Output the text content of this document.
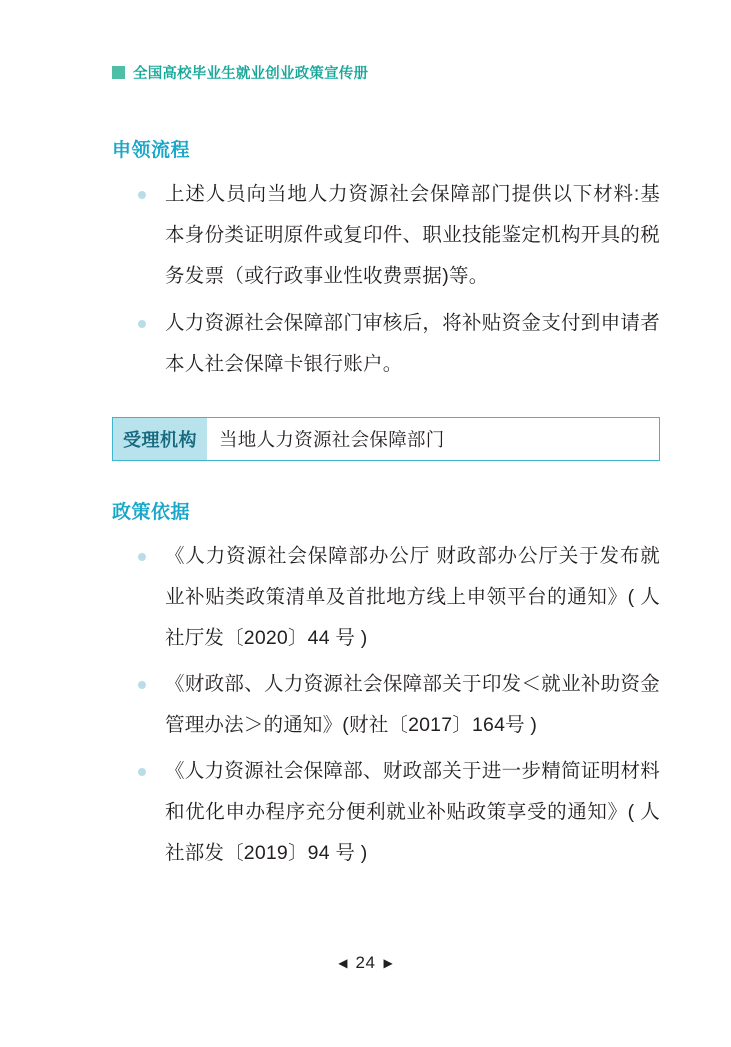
全国高校毕业生就业创业政策宣传册
申领流程
上述人员向当地人力资源社会保障部门提供以下材料:基本身份类证明原件或复印件、职业技能鉴定机构开具的税务发票（或行政事业性收费票据)等。
人力资源社会保障部门审核后，将补贴资金支付到申请者本人社会保障卡银行账户。
受理机构	当地人力资源社会保障部门
政策依据
《人力资源社会保障部办公厅 财政部办公厅关于发布就业补贴类政策清单及首批地方线上申领平台的通知》( 人社厅发〔2020〕44 号 )
《财政部、人力资源社会保障部关于印发＜就业补助资金管理办法＞的通知》(财社〔2017〕164号 )
《人力资源社会保障部、财政部关于进一步精简证明材料和优化申办程序充分便利就业补贴政策享受的通知》( 人社部发〔2019〕94 号 )
◀ 24 ▶
